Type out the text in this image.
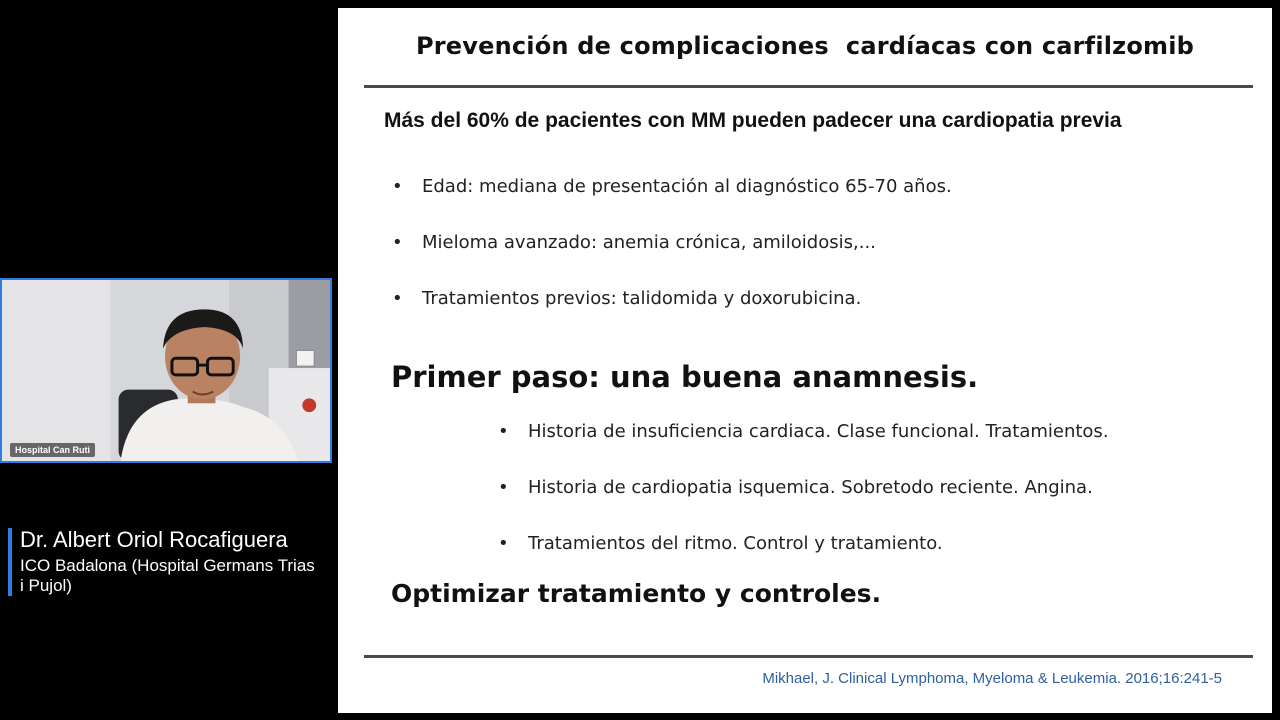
Hospital Can Ruti
Dr. Albert Oriol Rocafiguera
ICO Badalona (Hospital Germans Trias i Pujol)
Prevención de complicaciones  cardíacas con carfilzomib
Más del 60% de pacientes con MM pueden padecer una cardiopatia previa
• Edad: mediana de presentación al diagnóstico 65-70 años.
• Mieloma avanzado: anemia crónica, amiloidosis,...
• Tratamientos previos: talidomida y doxorubicina.
Primer paso: una buena anamnesis.
• Historia de insuficiencia cardiaca. Clase funcional. Tratamientos.
• Historia de cardiopatia isquemica. Sobretodo reciente. Angina.
• Tratamientos del ritmo. Control y tratamiento.
Optimizar tratamiento y controles.
Mikhael, J. Clinical Lymphoma, Myeloma & Leukemia. 2016;16:241-5
